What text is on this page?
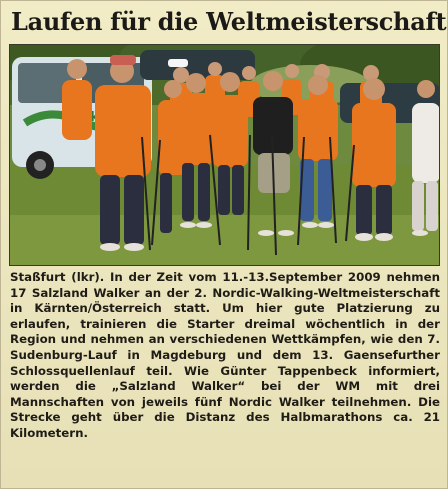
Laufen für die Weltmeisterschaft

Staßfurt (lkr). In der Zeit vom 11.-13.September 2009 nehmen 17 Salzland Walker an der 2. Nordic-Walking-Weltmeisterschaft in Kärnten/Österreich statt. Um hier gute Platzierung zu erlaufen, trainieren die Starter dreimal wöchentlich in der Region und nehmen an verschiedenen Wettkämpfen, wie den 7. Sudenburg-Lauf in Magdeburg und dem 13. Gaensefurther Schlossquellenlauf teil. Wie Günter Tappenbeck informiert, werden die „Salzland Walker“ bei der WM mit drei Mannschaften von jeweils fünf Nordic Walker teilnehmen. Die Strecke geht über die Distanz des Halbmarathons ca. 21 Kilometern.
